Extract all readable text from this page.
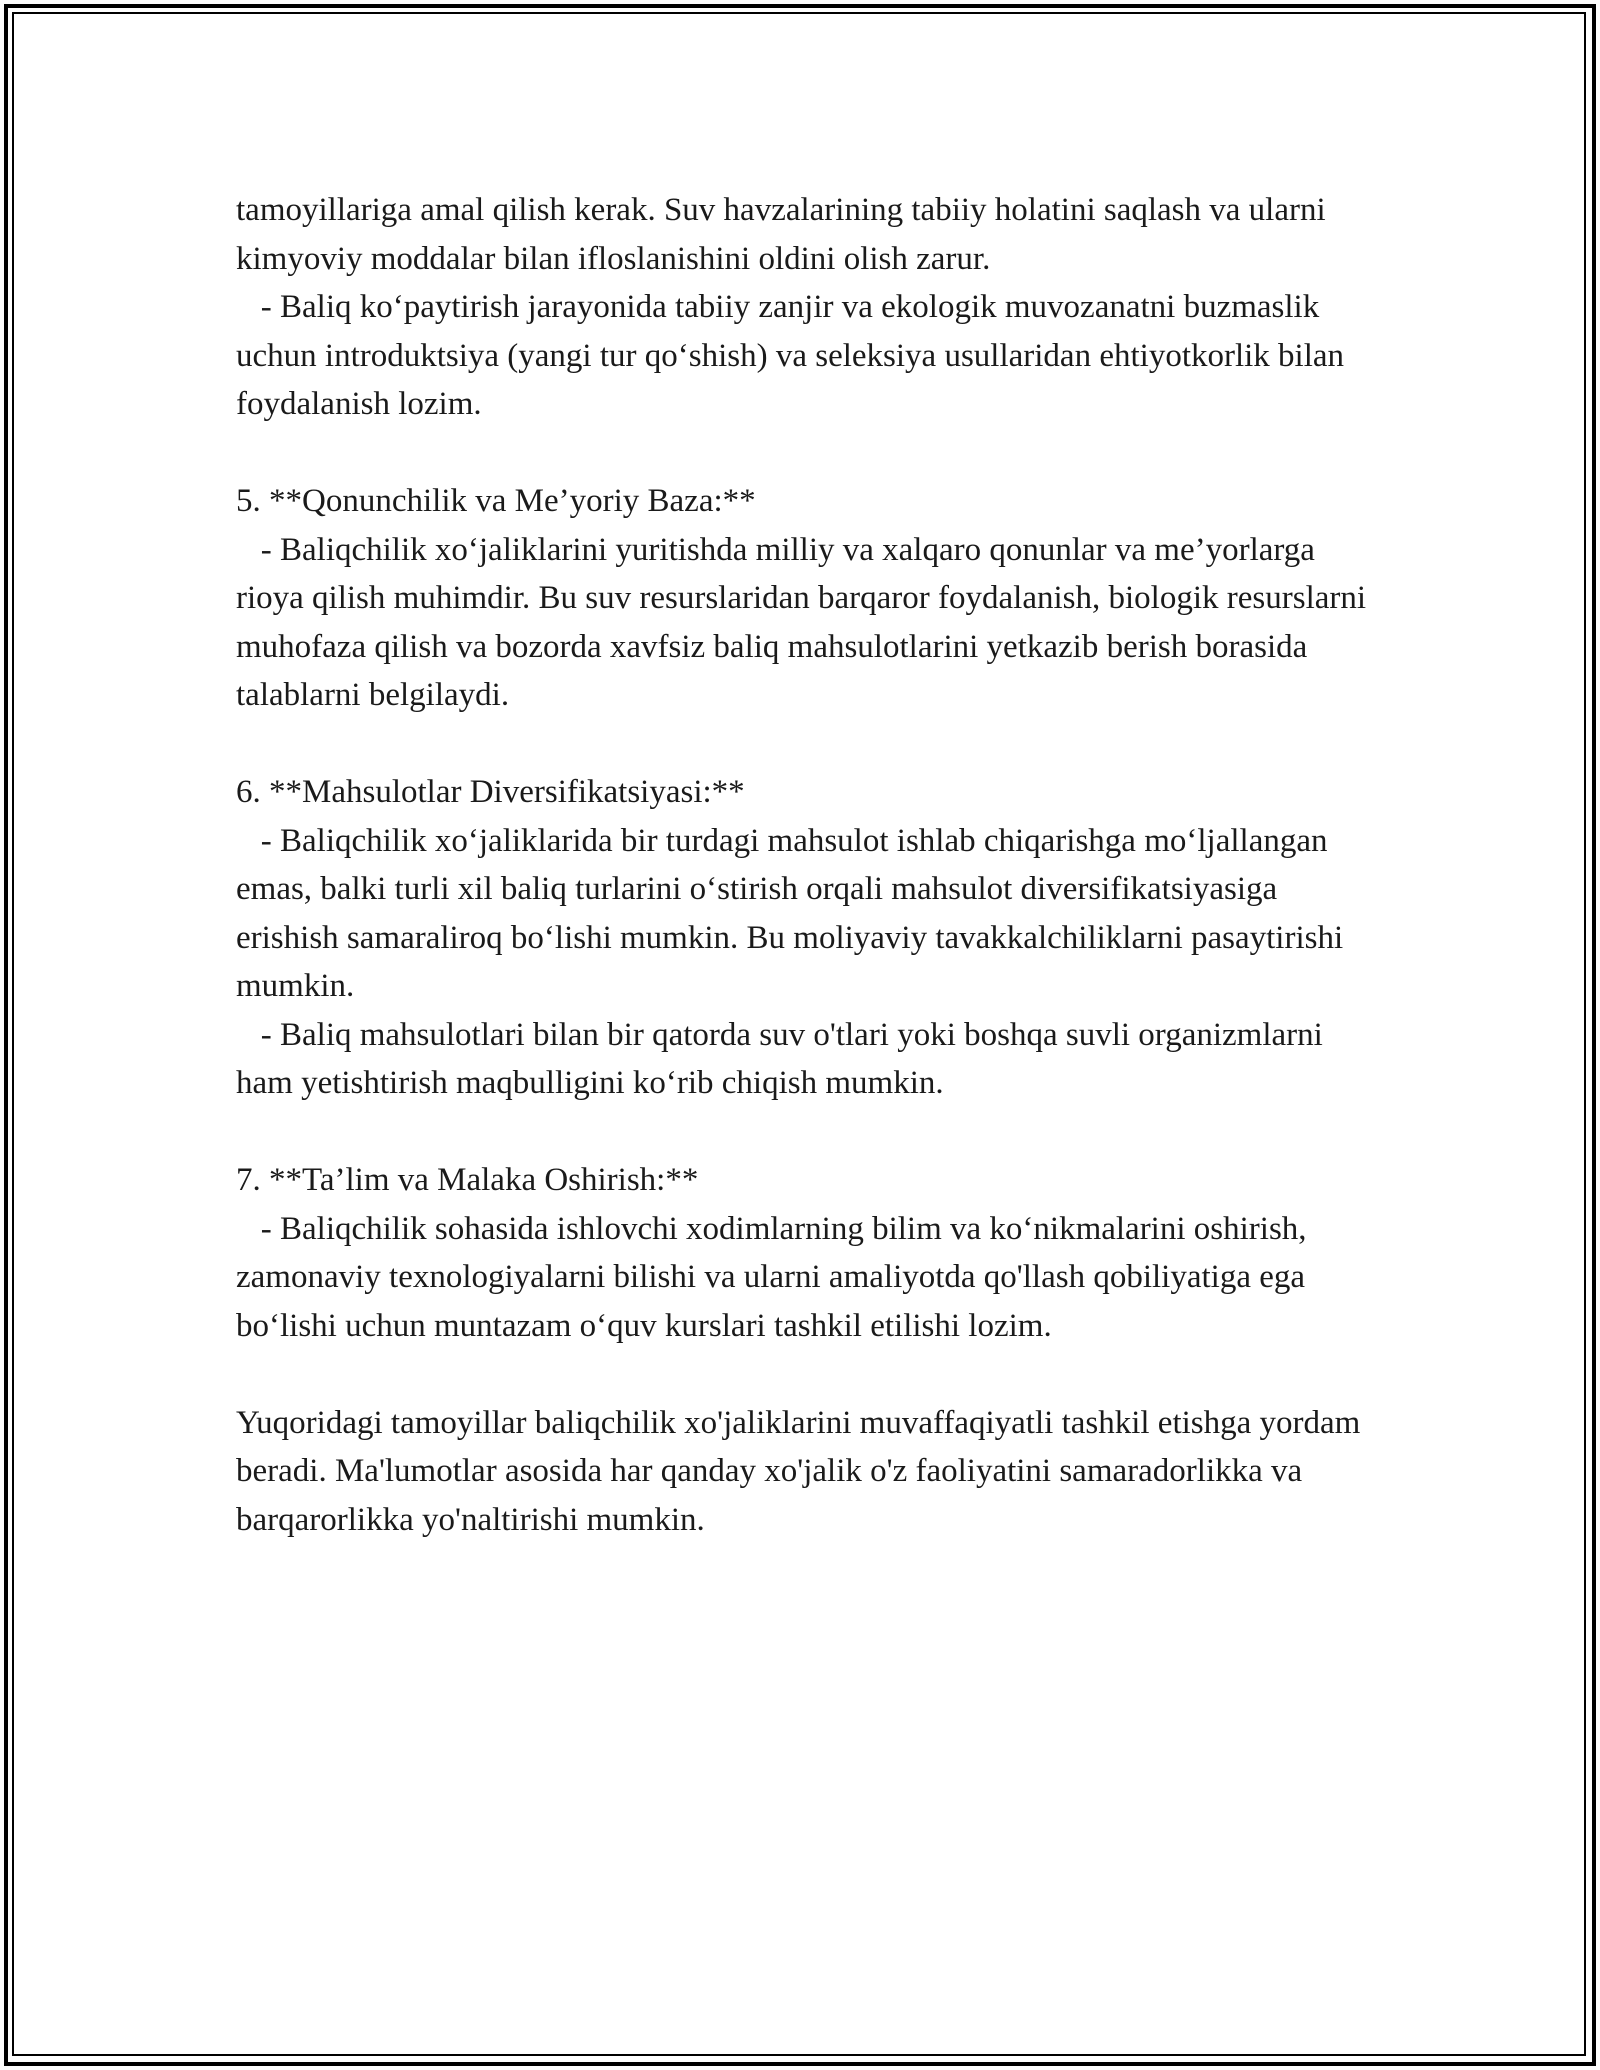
tamoyillariga amal qilish kerak. Suv havzalarining tabiiy holatini saqlash va ularni kimyoviy moddalar bilan ifloslanishini oldini olish zarur.

- Baliq ko‘paytirish jarayonida tabiiy zanjir va ekologik muvozanatni buzmaslik uchun introduktsiya (yangi tur qo‘shish) va seleksiya usullaridan ehtiyotkorlik bilan foydalanish lozim.

5. **Qonunchilik va Me’yoriy Baza:**

- Baliqchilik xo‘jaliklarini yuritishda milliy va xalqaro qonunlar va me’yorlarga rioya qilish muhimdir. Bu suv resurslaridan barqaror foydalanish, biologik resurslarni muhofaza qilish va bozorda xavfsiz baliq mahsulotlarini yetkazib berish borasida talablarni belgilaydi.

6. **Mahsulotlar Diversifikatsiyasi:**

- Baliqchilik xo‘jaliklarida bir turdagi mahsulot ishlab chiqarishga mo‘ljallangan emas, balki turli xil baliq turlarini o‘stirish orqali mahsulot diversifikatsiyasiga erishish samaraliroq bo‘lishi mumkin. Bu moliyaviy tavakkalchiliklarni pasaytirishi mumkin.

- Baliq mahsulotlari bilan bir qatorda suv o'tlari yoki boshqa suvli organizmlarni ham yetishtirish maqbulligini ko‘rib chiqish mumkin.

7. **Ta’lim va Malaka Oshirish:**

- Baliqchilik sohasida ishlovchi xodimlarning bilim va ko‘nikmalarini oshirish, zamonaviy texnologiyalarni bilishi va ularni amaliyotda qo'llash qobiliyatiga ega bo‘lishi uchun muntazam o‘quv kurslari tashkil etilishi lozim.

Yuqoridagi tamoyillar baliqchilik xo'jaliklarini muvaffaqiyatli tashkil etishga yordam beradi. Ma'lumotlar asosida har qanday xo'jalik o'z faoliyatini samaradorlikka va barqarorlikka yo'naltirishi mumkin.
